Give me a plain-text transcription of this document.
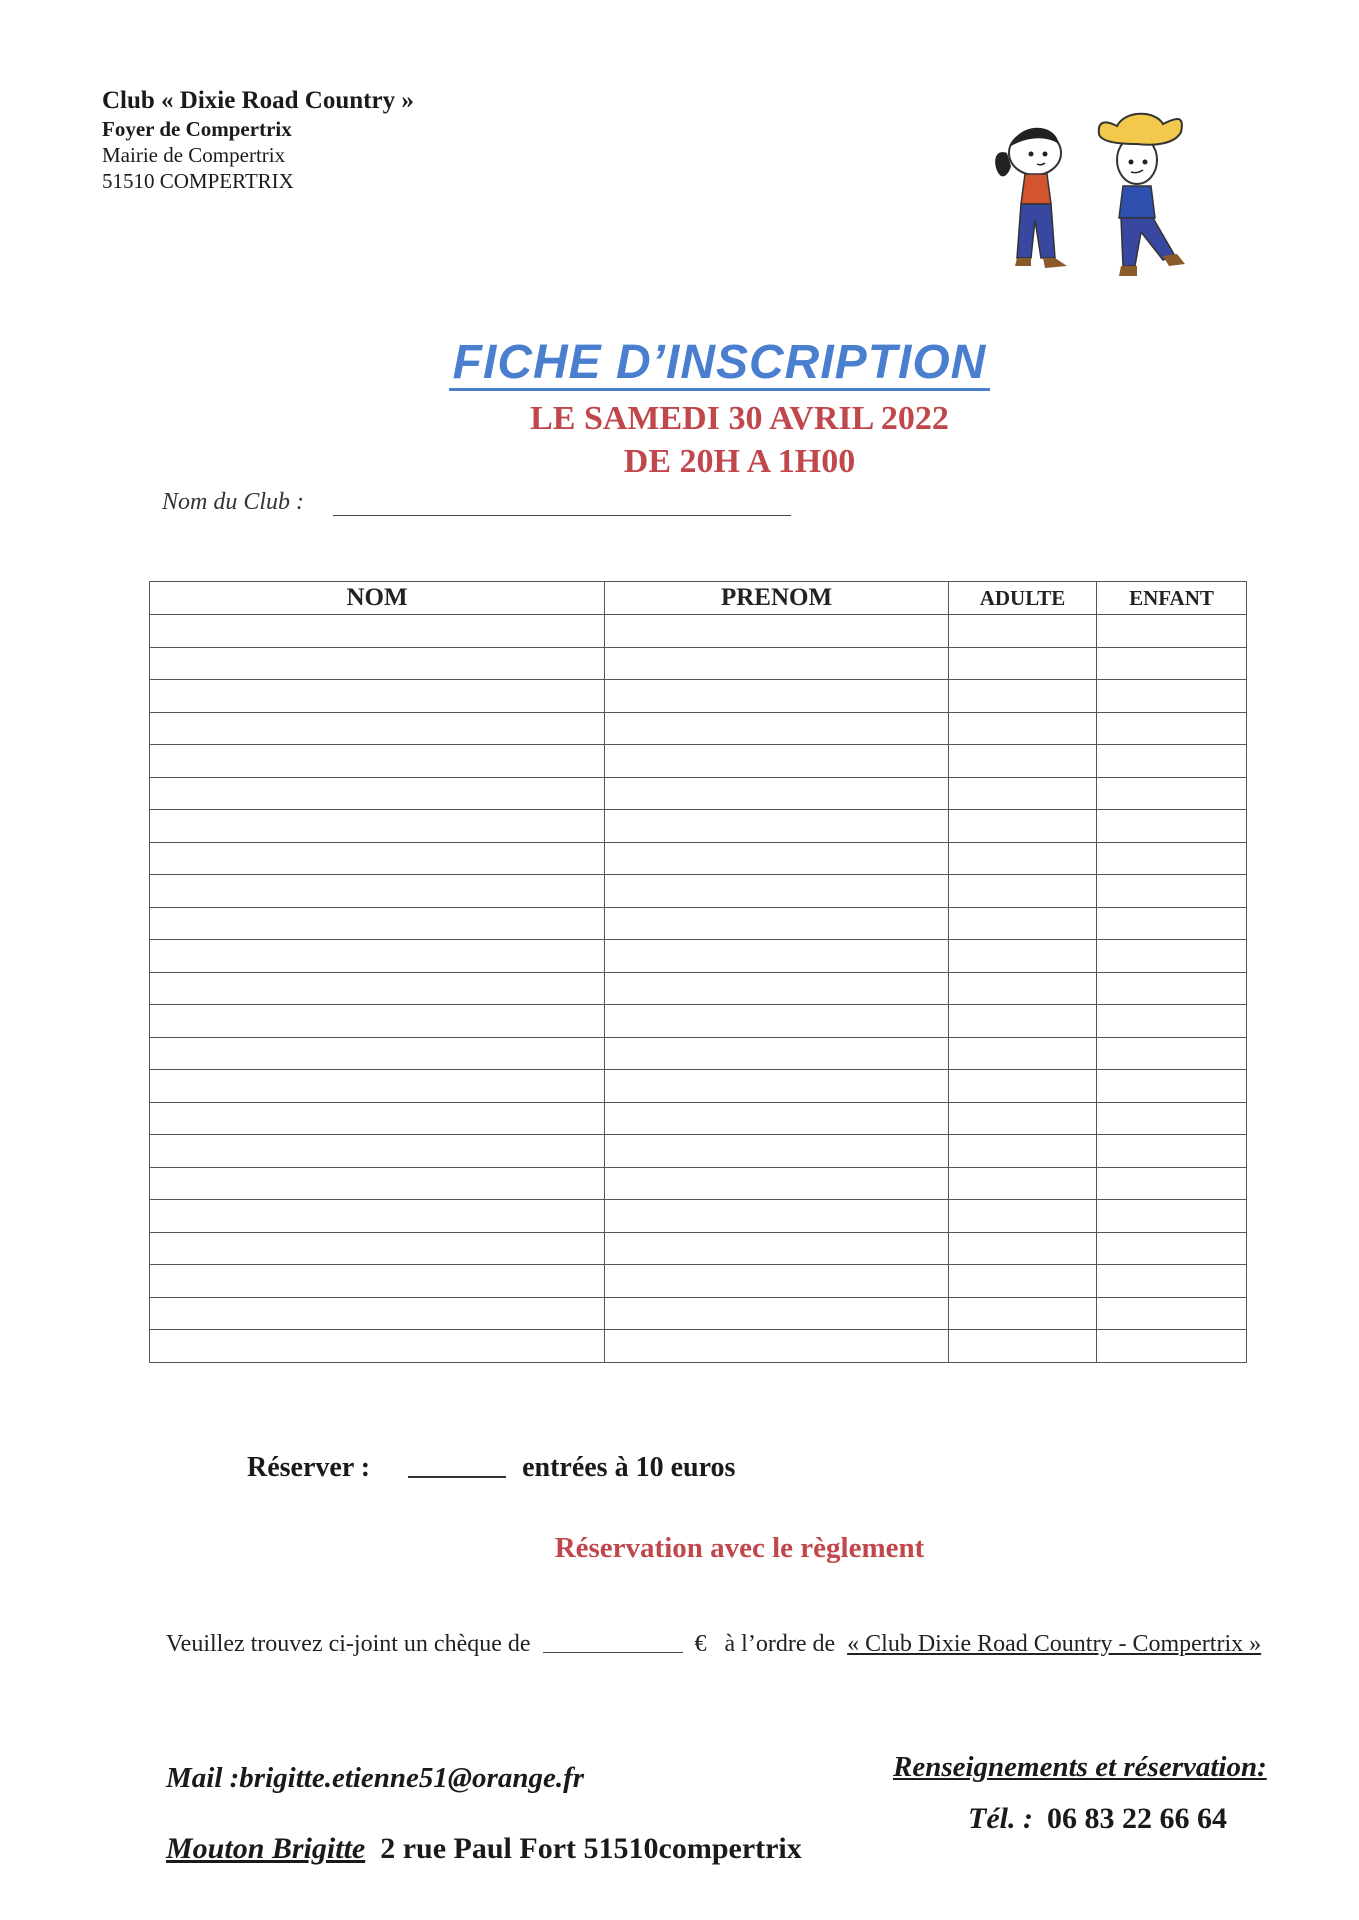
Club « Dixie Road Country »
Foyer de Compertrix
Mairie de Compertrix
51510 COMPERTRIX
FICHE D’INSCRIPTION
LE SAMEDI 30 AVRIL 2022
DE 20H A 1H00
Nom du Club :
NOM	PRENOM	ADULTE	ENFANT

Réserver :	entrées à 10 euros
Réservation avec le règlement
Veuillez trouvez ci-joint un chèque de	€ à l’ordre de « Club Dixie Road Country - Compertrix »
Mail :brigitte.etienne51@orange.fr	Renseignements et réservation:
Tél. : 06 83 22 66 64
Mouton Brigitte 2 rue Paul Fort 51510compertrix
